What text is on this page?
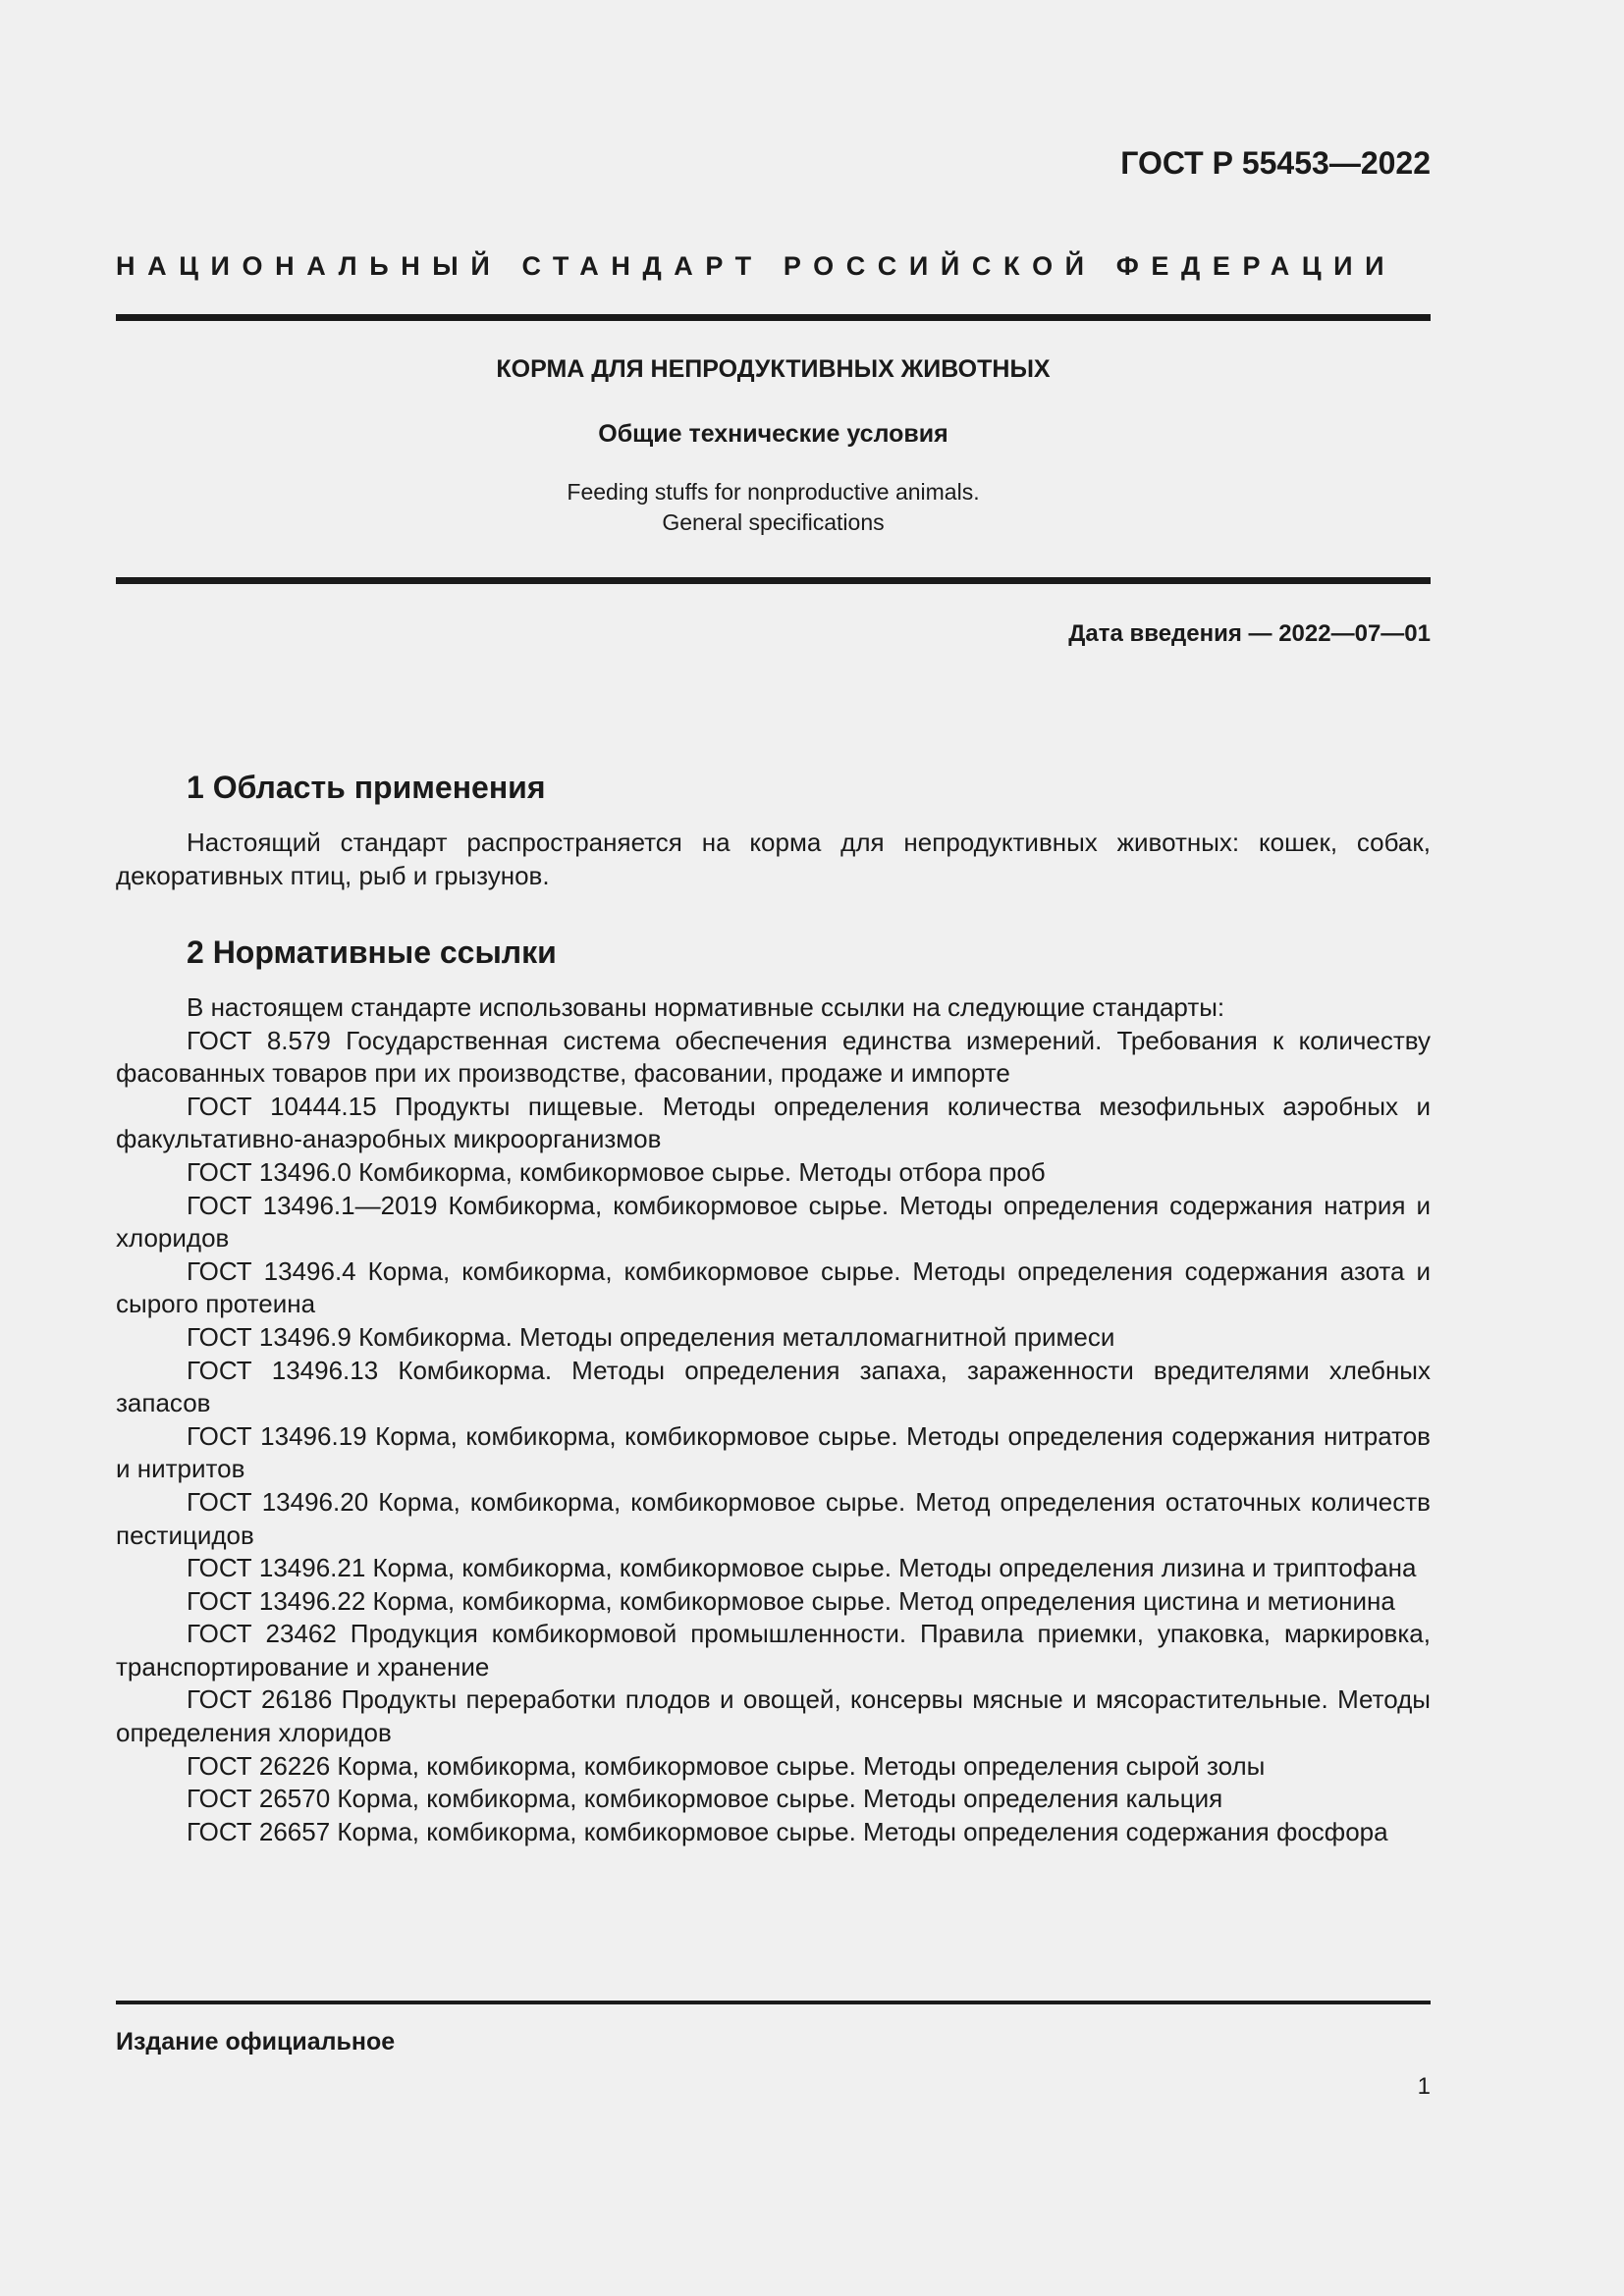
ГОСТ Р 55453—2022
НАЦИОНАЛЬНЫЙ СТАНДАРТ РОССИЙСКОЙ ФЕДЕРАЦИИ
КОРМА ДЛЯ НЕПРОДУКТИВНЫХ ЖИВОТНЫХ
Общие технические условия
Feeding stuffs for nonproductive animals.
General specifications
Дата введения — 2022—07—01
1 Область применения

Настоящий стандарт распространяется на корма для непродуктивных животных: кошек, собак, декоративных птиц, рыб и грызунов.

2 Нормативные ссылки

В настоящем стандарте использованы нормативные ссылки на следующие стандарты:

ГОСТ 8.579 Государственная система обеспечения единства измерений. Требования к количеству фасованных товаров при их производстве, фасовании, продаже и импорте

ГОСТ 10444.15 Продукты пищевые. Методы определения количества мезофильных аэробных и факультативно-анаэробных микроорганизмов

ГОСТ 13496.0 Комбикорма, комбикормовое сырье. Методы отбора проб

ГОСТ 13496.1—2019 Комбикорма, комбикормовое сырье. Методы определения содержания натрия и хлоридов

ГОСТ 13496.4 Корма, комбикорма, комбикормовое сырье. Методы определения содержания азота и сырого протеина

ГОСТ 13496.9 Комбикорма. Методы определения металломагнитной примеси

ГОСТ 13496.13 Комбикорма. Методы определения запаха, зараженности вредителями хлебных запасов

ГОСТ 13496.19 Корма, комбикорма, комбикормовое сырье. Методы определения содержания нитратов и нитритов

ГОСТ 13496.20 Корма, комбикорма, комбикормовое сырье. Метод определения остаточных количеств пестицидов

ГОСТ 13496.21 Корма, комбикорма, комбикормовое сырье. Методы определения лизина и триптофана

ГОСТ 13496.22 Корма, комбикорма, комбикормовое сырье. Метод определения цистина и метионина

ГОСТ 23462 Продукция комбикормовой промышленности. Правила приемки, упаковка, маркировка, транспортирование и хранение

ГОСТ 26186 Продукты переработки плодов и овощей, консервы мясные и мясорастительные. Методы определения хлоридов

ГОСТ 26226 Корма, комбикорма, комбикормовое сырье. Методы определения сырой золы

ГОСТ 26570 Корма, комбикорма, комбикормовое сырье. Методы определения кальция

ГОСТ 26657 Корма, комбикорма, комбикормовое сырье. Методы определения содержания фосфора

Издание официальное
1
